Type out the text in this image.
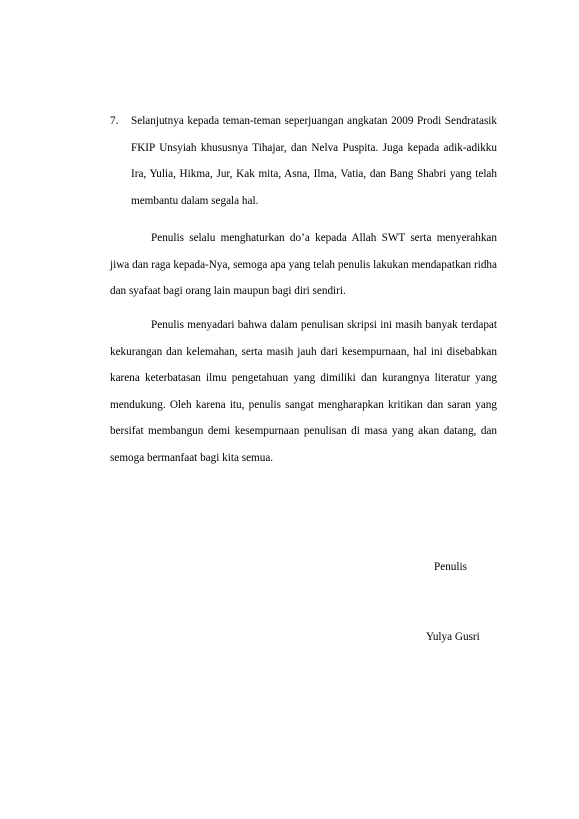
7. Selanjutnya kepada teman-teman seperjuangan angkatan 2009 Prodi Sendratasik FKIP Unsyiah khususnya Tihajar, dan Nelva Puspita. Juga kepada adik-adikku Ira, Yulia, Hikma, Jur, Kak mita, Asna, Ilma, Vatia, dan Bang Shabri yang telah membantu dalam segala hal.

Penulis selalu menghaturkan do’a kepada Allah SWT serta menyerahkan jiwa dan raga kepada-Nya, semoga apa yang telah penulis lakukan mendapatkan ridha dan syafaat bagi orang lain maupun bagi diri sendiri.

Penulis menyadari bahwa dalam penulisan skripsi ini masih banyak terdapat kekurangan dan kelemahan, serta masih jauh dari kesempurnaan, hal ini disebabkan karena keterbatasan ilmu pengetahuan yang dimiliki dan kurangnya literatur yang mendukung. Oleh karena itu, penulis sangat mengharapkan kritikan dan saran yang bersifat membangun demi kesempurnaan penulisan di masa yang akan datang, dan semoga bermanfaat bagi kita semua.

Penulis
Yulya Gusri
